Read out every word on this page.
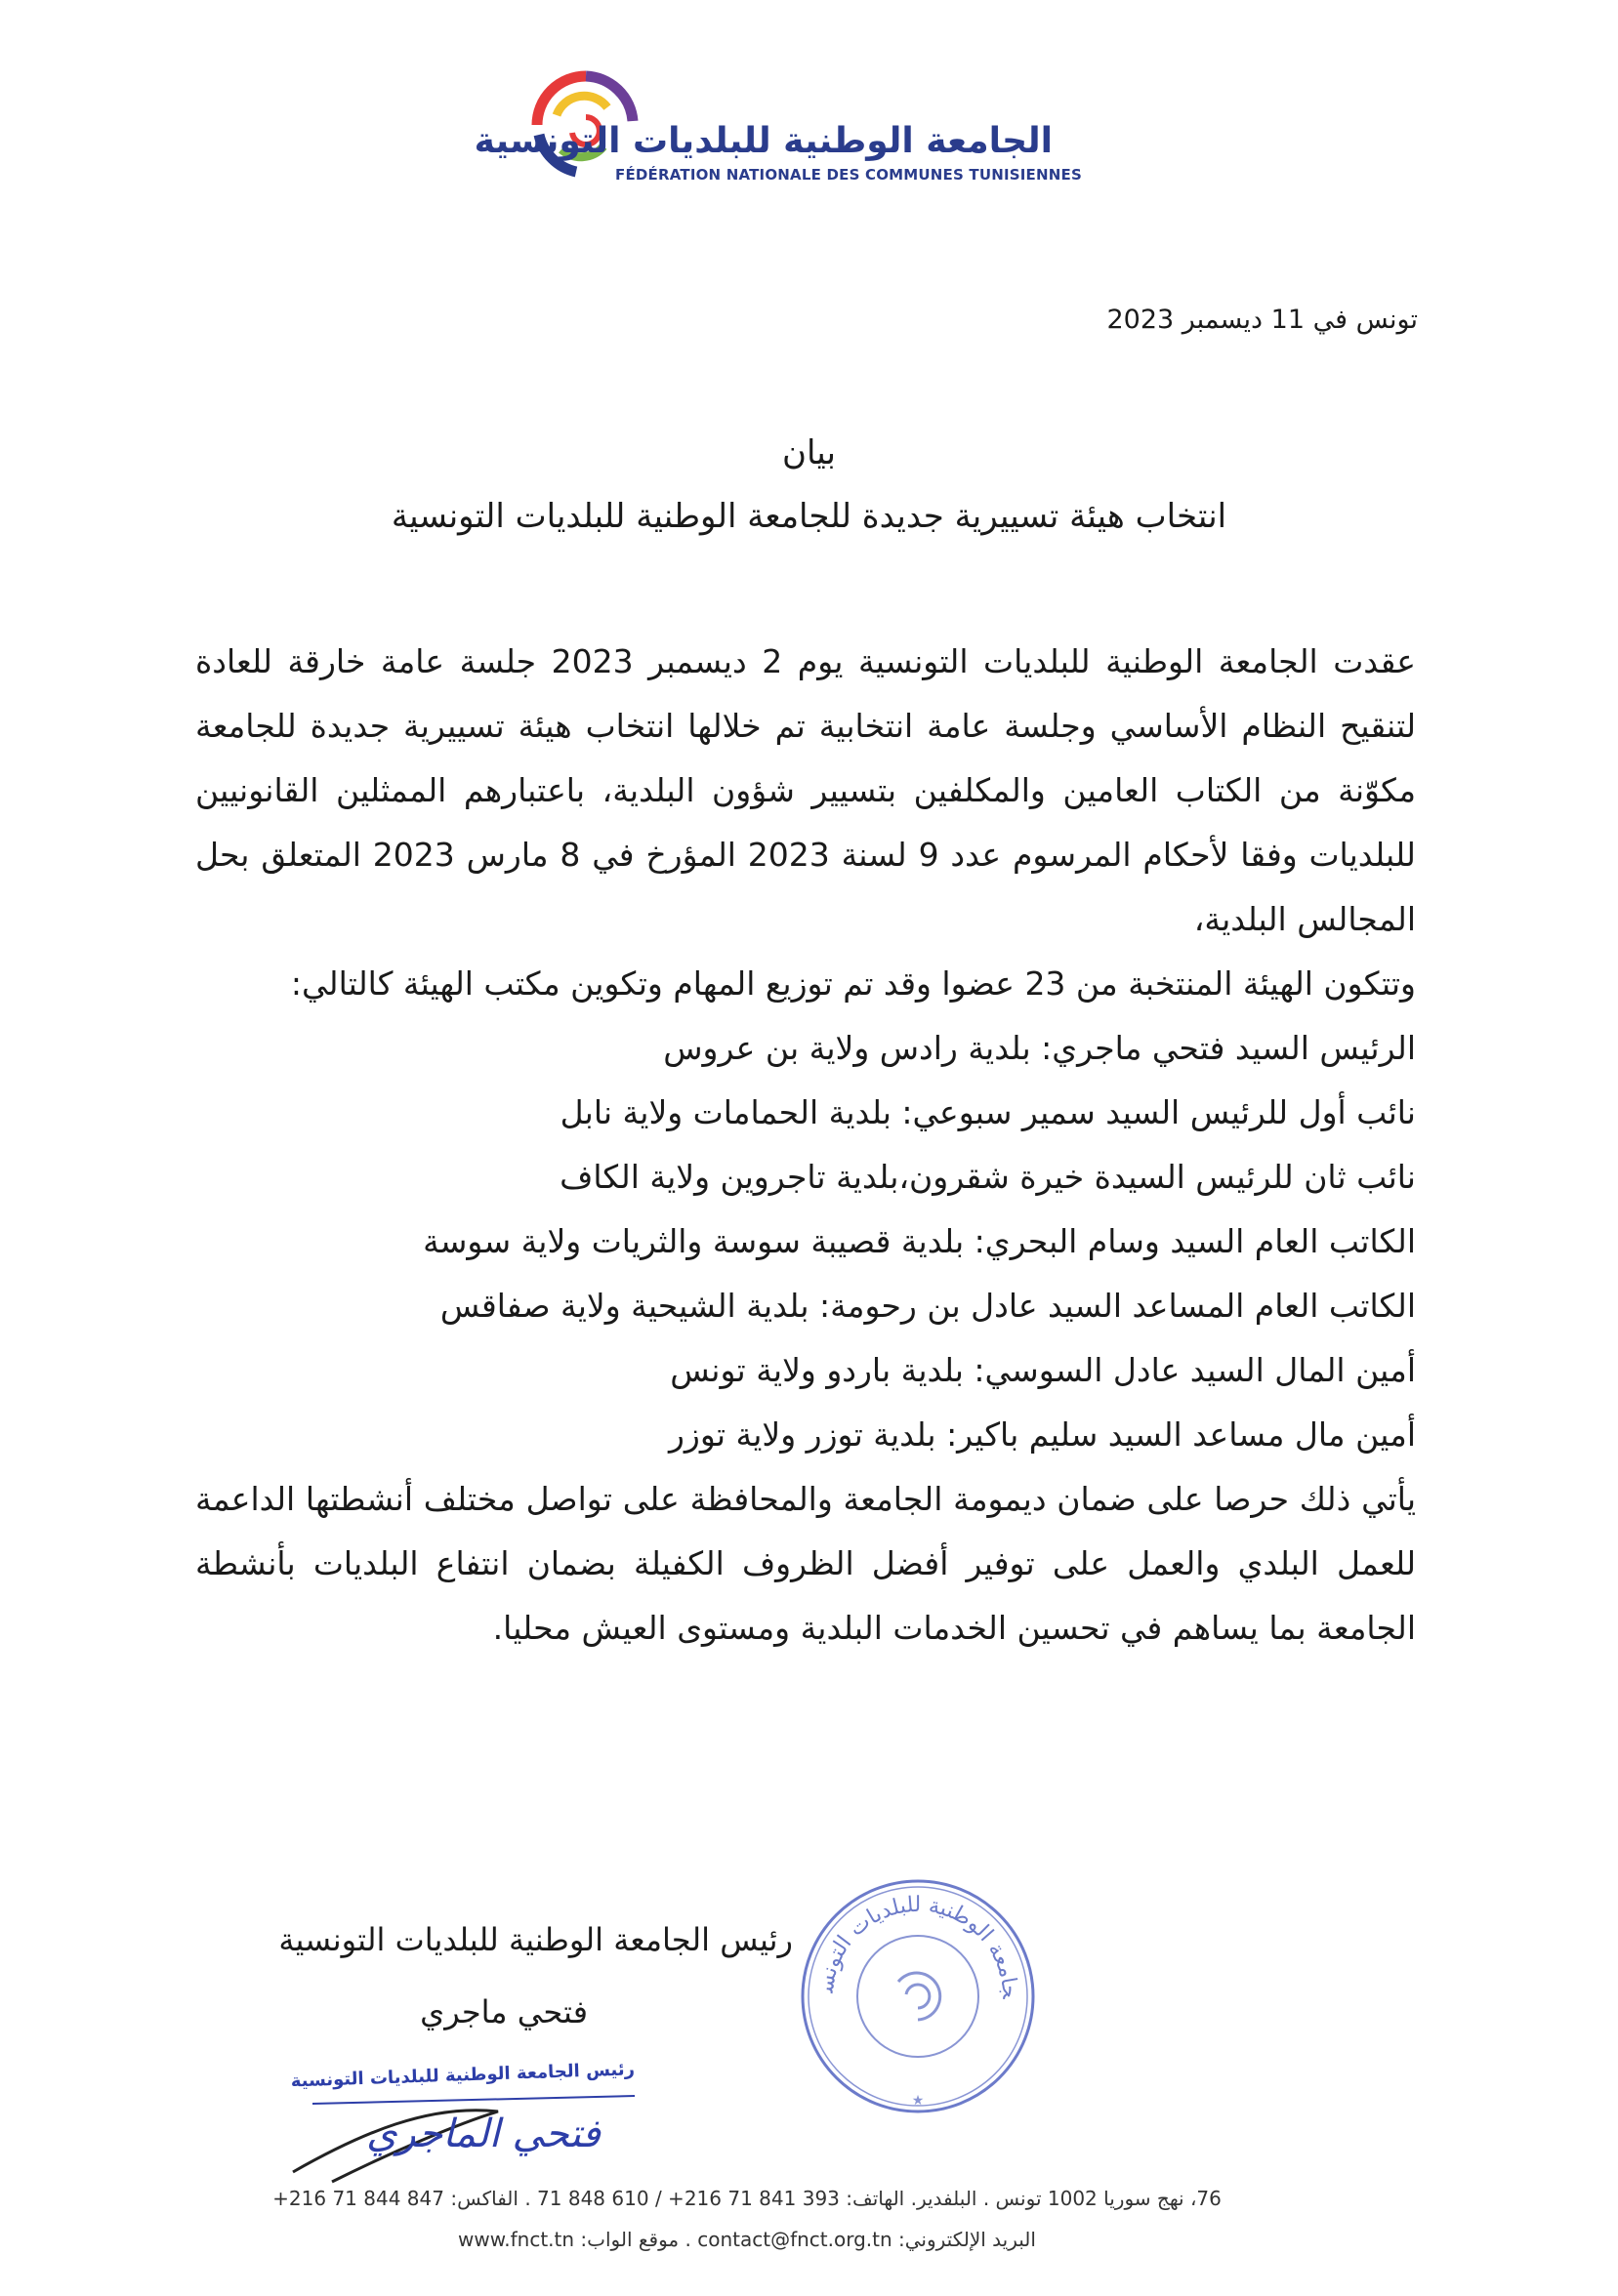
الجامعة الوطنية للبلديات التونسية
FÉDÉRATION NATIONALE DES COMMUNES TUNISIENNES
تونس في 11 ديسمبر 2023
بيان
انتخاب هيئة تسييرية جديدة للجامعة الوطنية للبلديات التونسية

عقدت الجامعة الوطنية للبلديات التونسية يوم 2 ديسمبر 2023 جلسة عامة خارقة للعادة لتنقيح النظام الأساسي وجلسة عامة انتخابية تم خلالها انتخاب هيئة تسييرية جديدة للجامعة مكوّنة من الكتاب العامين والمكلفين بتسيير شؤون البلدية، باعتبارهم الممثلين القانونيين للبلديات وفقا لأحكام المرسوم عدد 9 لسنة 2023 المؤرخ في 8 مارس 2023 المتعلق بحل المجالس البلدية،

وتتكون الهيئة المنتخبة من 23 عضوا وقد تم توزيع المهام وتكوين مكتب الهيئة كالتالي:

الرئيس السيد فتحي ماجري: بلدية رادس ولاية بن عروس
نائب أول للرئيس السيد سمير سبوعي: بلدية الحمامات ولاية نابل
نائب ثان للرئيس السيدة خيرة شقرون،بلدية تاجروين ولاية الكاف
الكاتب العام السيد وسام البحري: بلدية قصيبة سوسة والثريات ولاية سوسة
الكاتب العام المساعد السيد عادل بن رحومة: بلدية الشيحية ولاية صفاقس
أمين المال السيد عادل السوسي: بلدية باردو ولاية تونس
أمين مال مساعد السيد سليم باكير: بلدية توزر ولاية توزر

يأتي ذلك حرصا على ضمان ديمومة الجامعة والمحافظة على تواصل مختلف أنشطتها الداعمة للعمل البلدي والعمل على توفير أفضل الظروف الكفيلة بضمان انتفاع البلديات بأنشطة الجامعة بما يساهم في تحسين الخدمات البلدية ومستوى العيش محليا.

رئيس الجامعة الوطنية للبلديات التونسية
فتحي ماجري
رئيس الجامعة الوطنية للبلديات التونسية
فتحي الماجري
جامعة الوطنية للبلديات التونس
★
76، نهج سوريا 1002 تونس . البلفدير. الهاتف: 393 841 71 216+ / 610 848 71 . الفاكس: 847 844 71 216+
البريد الإلكتروني: contact@fnct.org.tn . موقع الواب: www.fnct.tn
